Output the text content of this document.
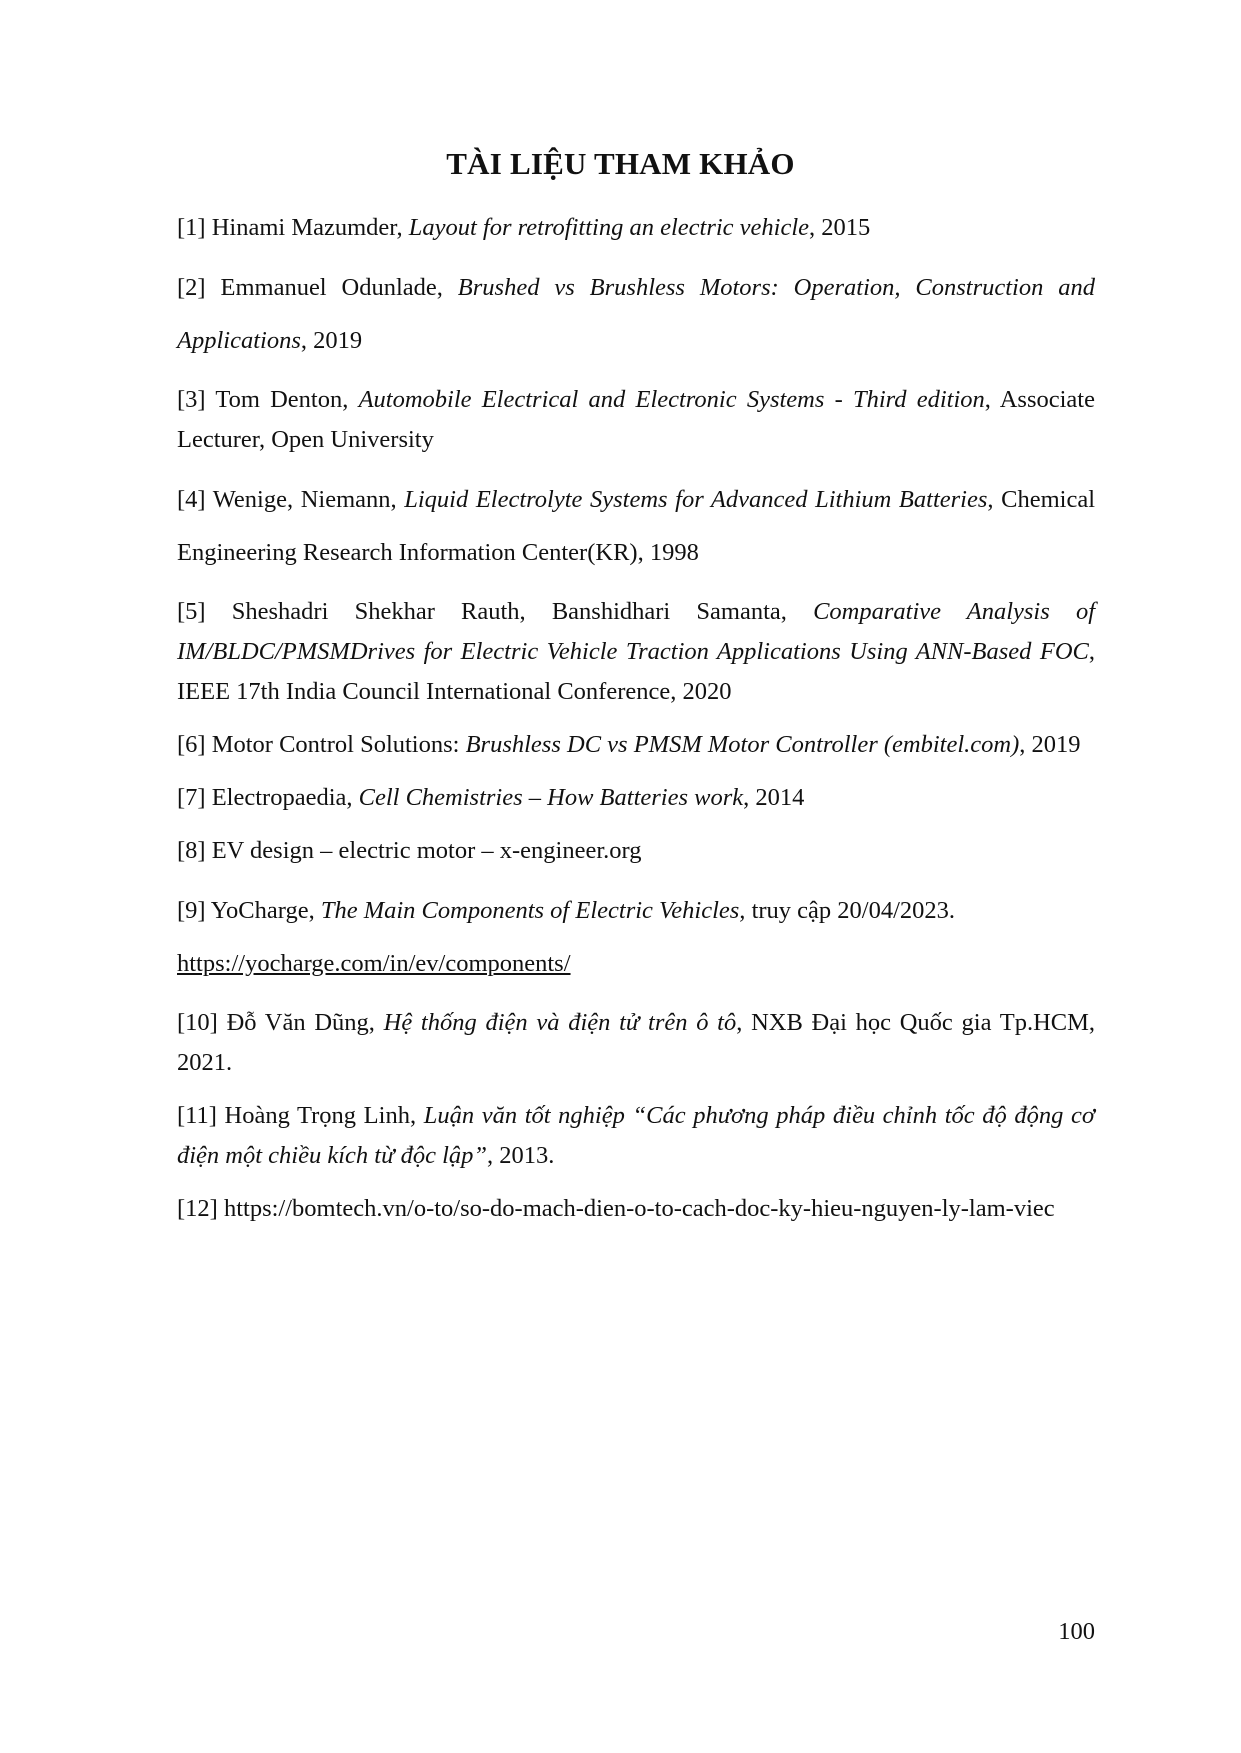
TÀI LIỆU THAM KHẢO

[1] Hinami Mazumder, Layout for retrofitting an electric vehicle, 2015

[2] Emmanuel Odunlade, Brushed vs Brushless Motors: Operation, Construction and Applications, 2019

[3] Tom Denton, Automobile Electrical and Electronic Systems - Third edition, Associate Lecturer, Open University

[4] Wenige, Niemann, Liquid Electrolyte Systems for Advanced Lithium Batteries, Chemical Engineering Research Information Center(KR), 1998

[5] Sheshadri Shekhar Rauth, Banshidhari Samanta, Comparative Analysis of IM/BLDC/PMSMDrives for Electric Vehicle Traction Applications Using ANN-Based FOC, IEEE 17th India Council International Conference, 2020

[6] Motor Control Solutions: Brushless DC vs PMSM Motor Controller (embitel.com), 2019

[7] Electropaedia, Cell Chemistries – How Batteries work, 2014

[8] EV design – electric motor – x-engineer.org

[9] YoCharge, The Main Components of Electric Vehicles, truy cập 20/04/2023.
https://yocharge.com/in/ev/components/

[10] Đỗ Văn Dũng, Hệ thống điện và điện tử trên ô tô, NXB Đại học Quốc gia Tp.HCM, 2021.

[11] Hoàng Trọng Linh, Luận văn tốt nghiệp “Các phương pháp điều chỉnh tốc độ động cơ điện một chiều kích từ độc lập”, 2013.

[12] https://bomtech.vn/o-to/so-do-mach-dien-o-to-cach-doc-ky-hieu-nguyen-ly-lam-viec

100
